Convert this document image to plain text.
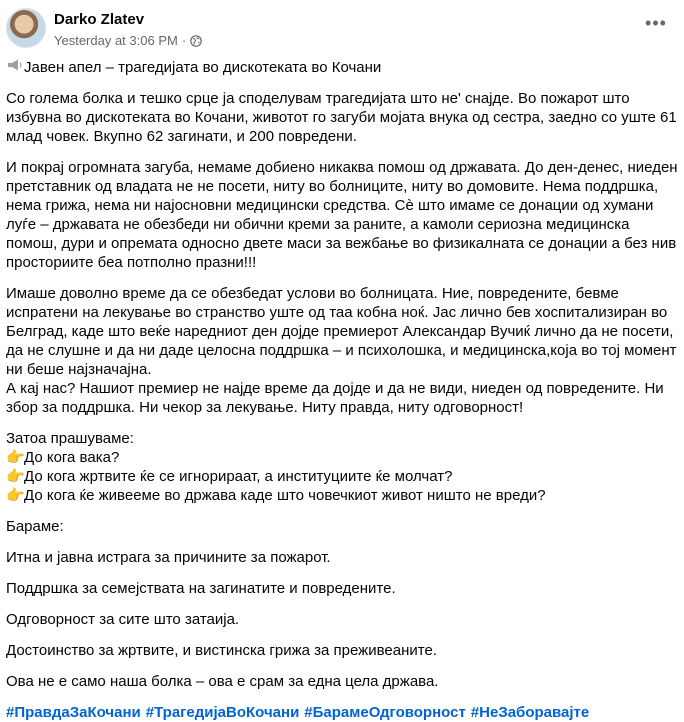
Darko Zlatev
Yesterday at 3:06 PM ·
•••

Јавен апел – трагедијата во дискотеката во Кочани

Со голема болка и тешко срце ја споделувам трагедијата што не' снајде. Во пожарот што избувна во дискотеката во Кочани, животот го загуби мојата внука од сестра, заедно со уште 61 млад човек. Вкупно 62 загинати, и 200 повредени.

И покрај огромната загуба, немаме добиено никаква помош од државата. До ден-денес, ниеден претставник од владата не не посети, ниту во болниците, ниту во домовите. Нема поддршка, нема грижа, нема ни најосновни медицински средства. Сè што имаме се донации од хумани луѓе – државата не обезбеди ни обични креми за раните, а камоли сериозна медицинска помош, дури и опремата односно двете маси за вежбање во физикалната се донации а без нив просториите беа потполно празни!!!

Имаше доволно време да се обезбедат услови во болницата. Ние, повредените, бевме испратени на лекување во странство уште од таа кобна ноќ. Јас лично бев хоспитализиран во Белград, каде што веќе наредниот ден дојде премиерот Александар Вучиќ лично да не посети, да не слушне и да ни даде целосна поддршка – и психолошка, и медицинска,која во тој момент ни беше најзначајна.

А кај нас? Нашиот премиер не најде време да дојде и да не види, ниеден од повредените. Ни збор за поддршка. Ни чекор за лекување. Ниту правда, ниту одговорност!

Затоа прашуваме:

👉До кога вака?

👉До кога жртвите ќе се игнорираат, а институциите ќе молчат?

👉До кога ќе живееме во држава каде што човечкиот живот ништо не вреди?

Бараме:

Итна и јавна истрага за причините за пожарот.

Поддршка за семејствата на загинатите и повредените.

Одговорност за сите што затаија.

Достоинство за жртвите, и вистинска грижа за преживеаните.

Ова не е само наша болка – ова е срам за една цела држава.

#ПравдаЗаКочани #ТрагедијаВоКочани #БарамеОдговорност #НеЗаборавајте
